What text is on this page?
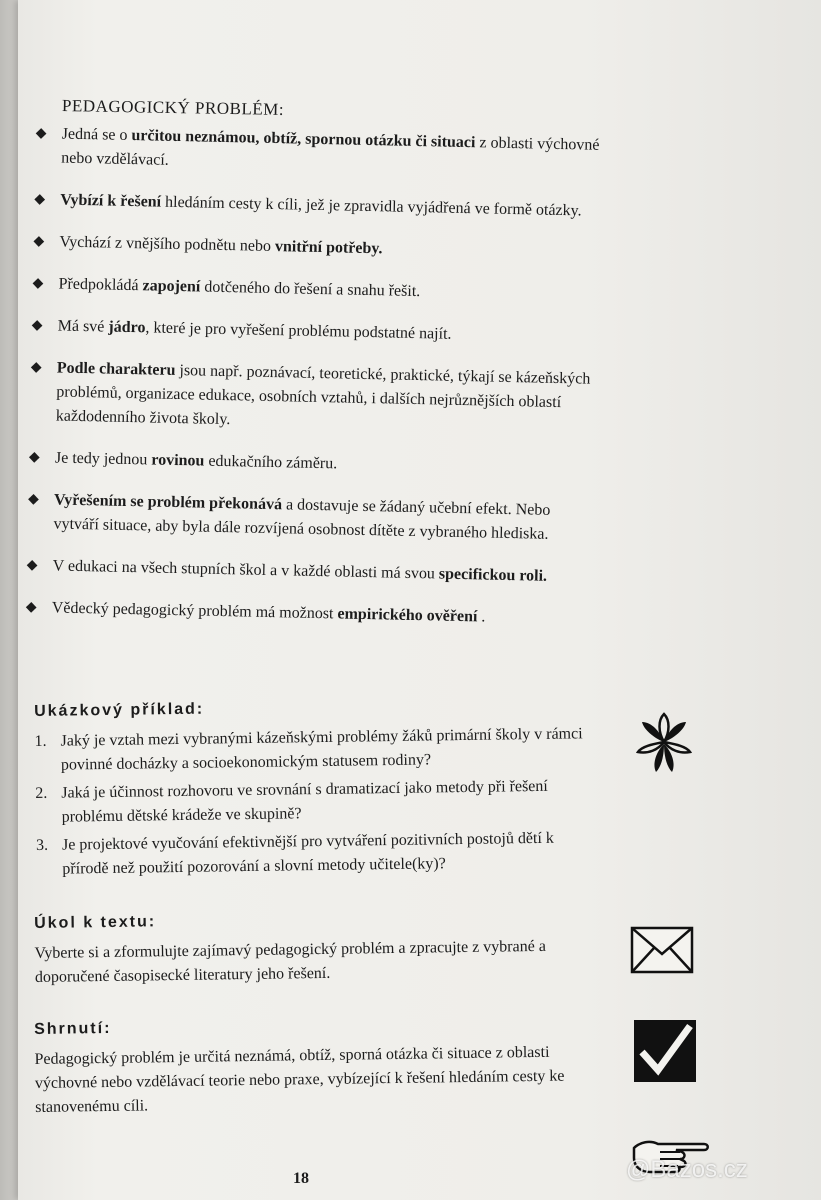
PEDAGOGICKÝ PROBLÉM:
◆ Jedná se o určitou neznámou, obtíž, spornou otázku či situaci z oblasti výchovné nebo vzdělávací.
◆ Vybízí k řešení hledáním cesty k cíli, jež je zpravidla vyjádřená ve formě otázky.
◆ Vychází z vnějšího podnětu nebo vnitřní potřeby.
◆ Předpokládá zapojení dotčeného do řešení a snahu řešit.
◆ Má své jádro, které je pro vyřešení problému podstatné najít.
◆ Podle charakteru jsou např. poznávací, teoretické, praktické, týkají se kázeňských problémů, organizace edukace, osobních vztahů, i dalších nejrůznějších oblastí každodenního života školy.
◆ Je tedy jednou rovinou edukačního záměru.
◆ Vyřešením se problém překonává a dostavuje se žádaný učební efekt. Nebo vytváří situace, aby byla dále rozvíjená osobnost dítěte z vybraného hlediska.
◆ V edukaci na všech stupních škol a v každé oblasti má svou specifickou roli.
◆ Vědecký pedagogický problém má možnost empirického ověření .
Ukázkový příklad:
1. Jaký je vztah mezi vybranými kázeňskými problémy žáků primární školy v rámci povinné docházky a socioekonomickým statusem rodiny?
2. Jaká je účinnost rozhovoru ve srovnání s dramatizací jako metody při řešení problému dětské krádeže ve skupině?
3. Je projektové vyučování efektivnější pro vytváření pozitivních postojů dětí k přírodě než použití pozorování a slovní metody učitele(ky)?
Úkol k textu:
Vyberte si a zformulujte zajímavý pedagogický problém a zpracujte z vybrané a doporučené časopisecké literatury jeho řešení.
Shrnutí:
Pedagogický problém je určitá neznámá, obtíž, sporná otázka či situace z oblasti výchovné nebo vzdělávací teorie nebo praxe, vybízející k řešení hledáním cesty ke stanovenému cíli.
18	@Bazos.cz
